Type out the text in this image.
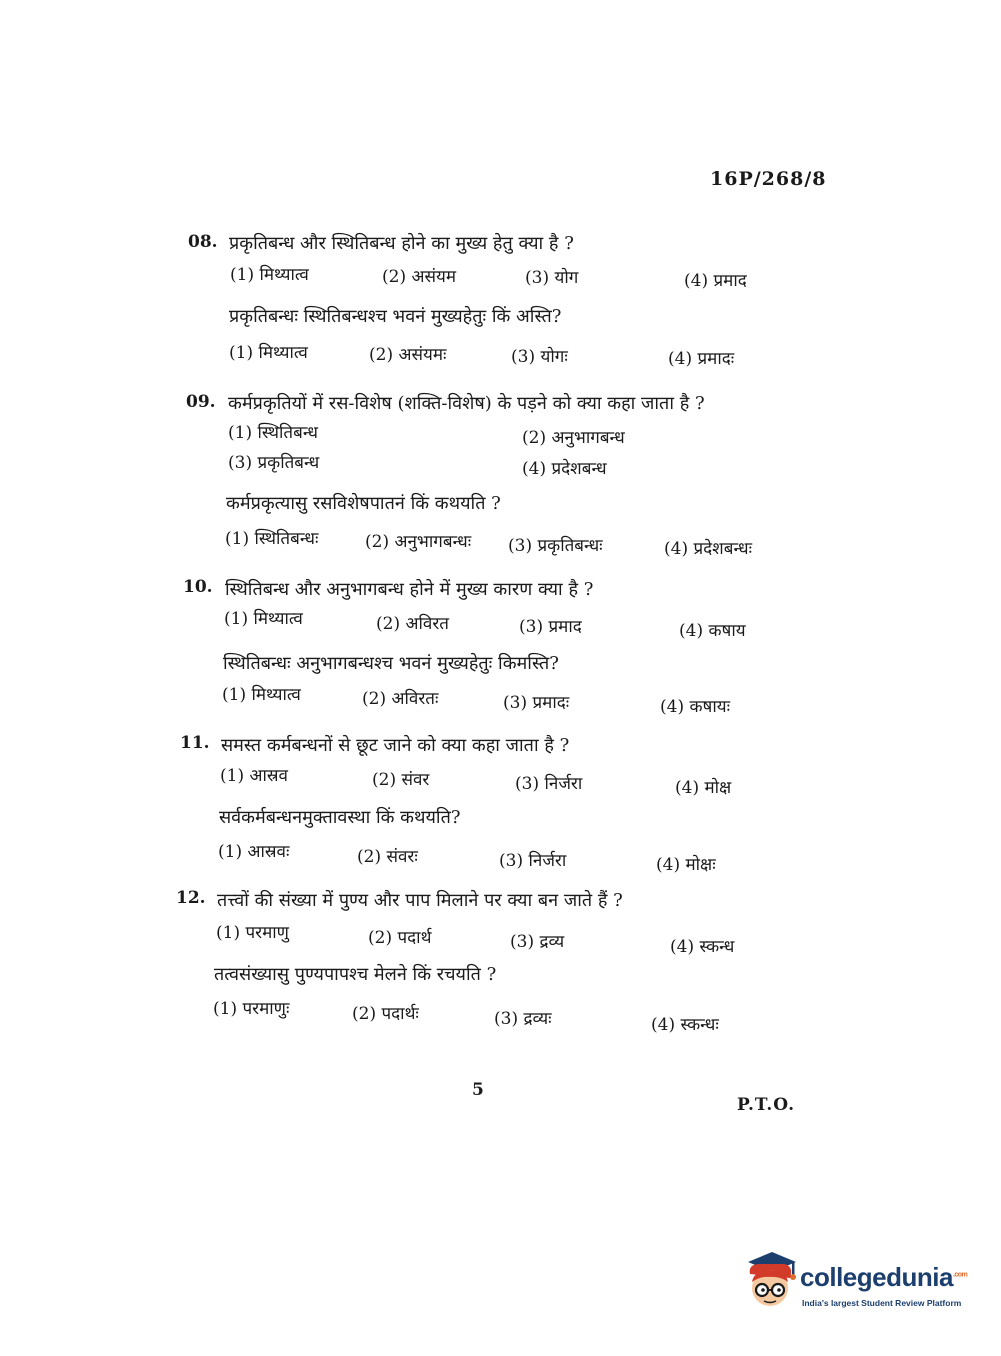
16P/268/8
08. प्रकृतिबन्ध और स्थितिबन्ध होने का मुख्य हेतु क्या है ?
(1) मिथ्यात्व	(2) असंयम	(3) योग	(4) प्रमाद
प्रकृतिबन्धः स्थितिबन्धश्च भवनं मुख्यहेतुः किं अस्ति?
(1) मिथ्यात्व	(2) असंयमः	(3) योगः	(4) प्रमादः
09. कर्मप्रकृतियों में रस-विशेष (शक्ति-विशेष) के पड़ने को क्या कहा जाता है ?
(1) स्थितिबन्ध	(2) अनुभागबन्ध
(3) प्रकृतिबन्ध	(4) प्रदेशबन्ध
कर्मप्रकृत्यासु रसविशेषपातनं किं कथयति ?
(1) स्थितिबन्धः	(2) अनुभागबन्धः (3) प्रकृतिबन्धः	(4) प्रदेशबन्धः
10. स्थितिबन्ध और अनुभागबन्ध होने में मुख्य कारण क्या है ?
(1) मिथ्यात्व	(2) अविरत	(3) प्रमाद	(4) कषाय
स्थितिबन्धः अनुभागबन्धश्च भवनं मुख्यहेतुः किमस्ति?
(1) मिथ्यात्व	(2) अविरतः	(3) प्रमादः	(4) कषायः
11. समस्त कर्मबन्धनों से छूट जाने को क्या कहा जाता है ?
(1) आस्रव	(2) संवर	(3) निर्जरा	(4) मोक्ष
सर्वकर्मबन्धनमुक्तावस्था किं कथयति?
(1) आस्रवः	(2) संवरः	(3) निर्जरा	(4) मोक्षः
12. तत्त्वों की संख्या में पुण्य और पाप मिलाने पर क्या बन जाते हैं ?
(1) परमाणु	(2) पदार्थ	(3) द्रव्य	(4) स्कन्ध
तत्वसंख्यासु पुण्यपापश्च मेलने किं रचयति ?
(1) परमाणुः	(2) पदार्थः	(3) द्रव्यः	(4) स्कन्धः
5
P.T.O.
collegedunia$^{.com}$
India's largest Student Review Platform
